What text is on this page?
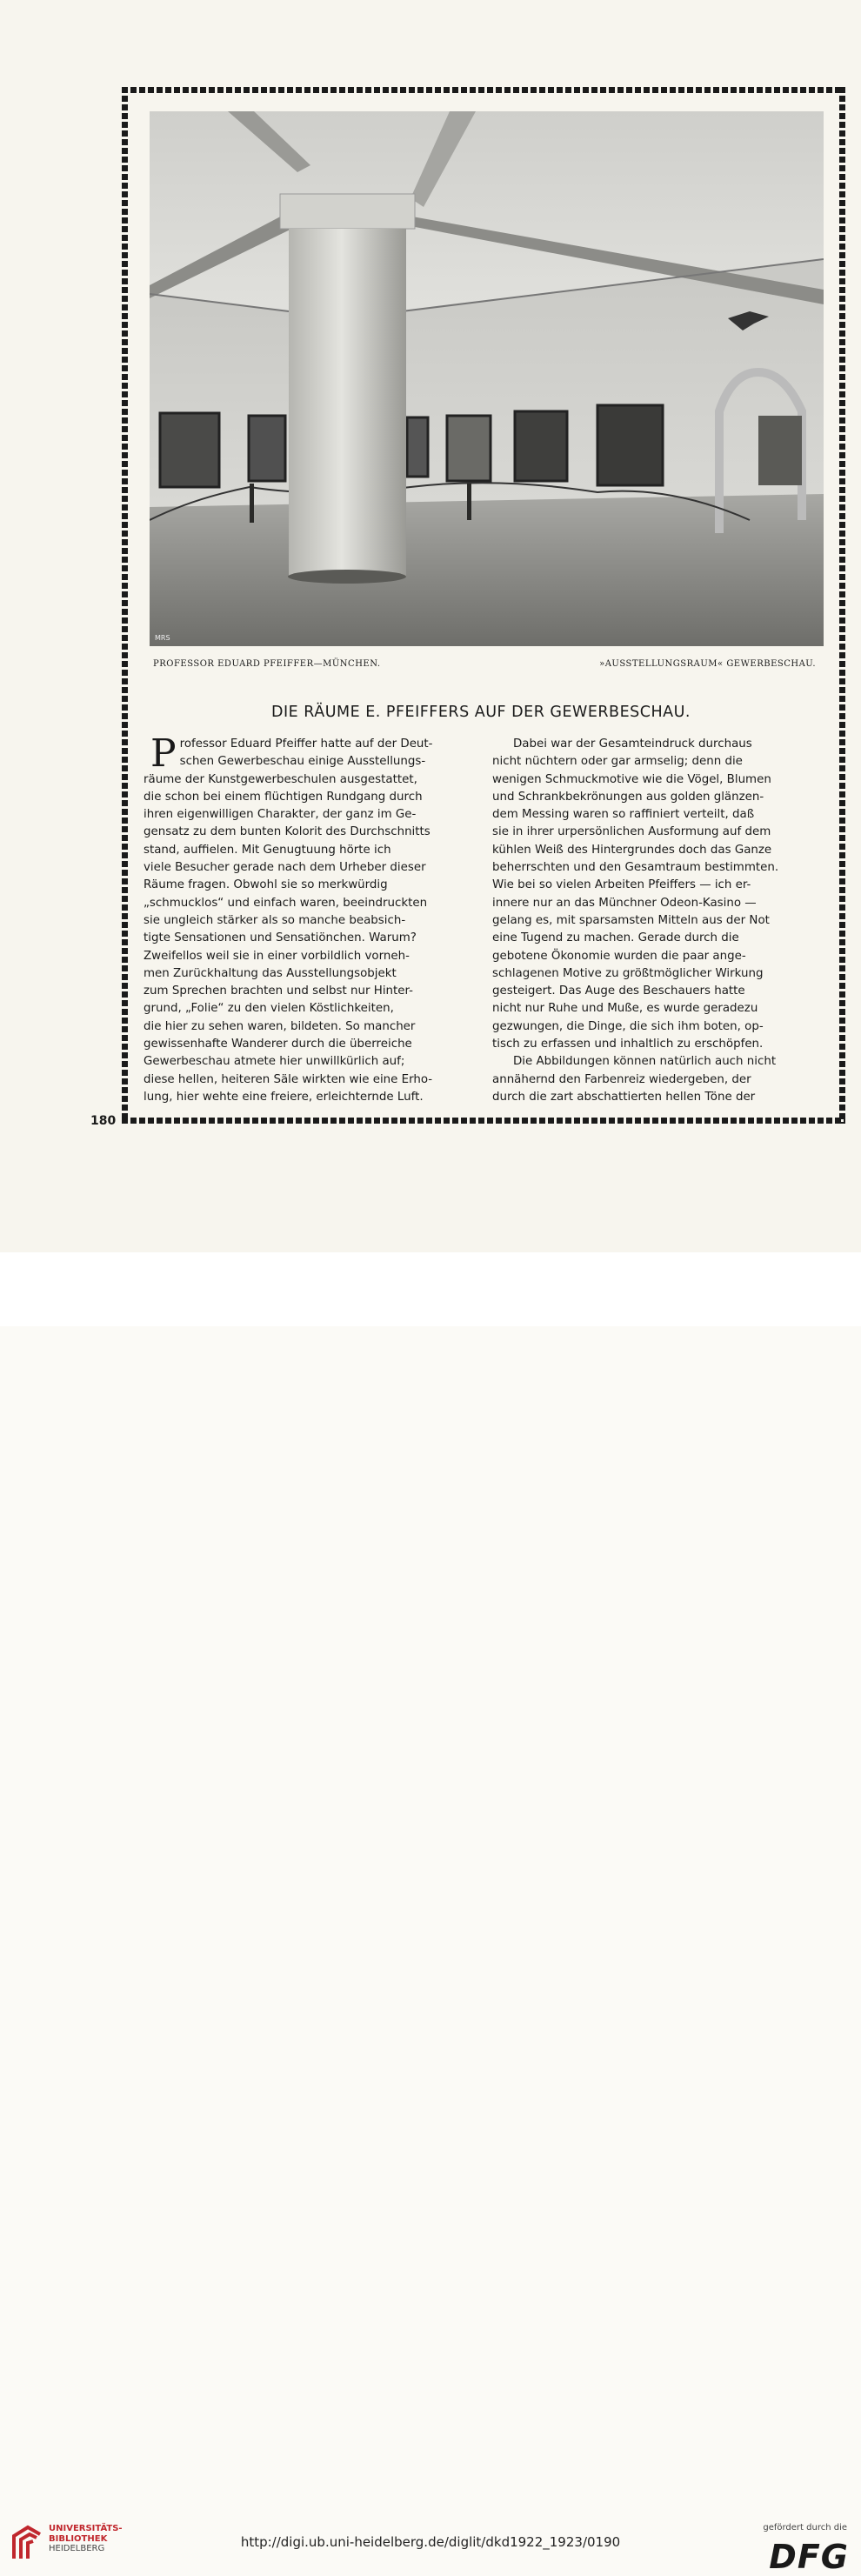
MRS
PROFESSOR EDUARD PFEIFFER—MÜNCHEN.	»AUSSTELLUNGSRAUM« GEWERBESCHAU.
DIE RÄUME E. PFEIFFERS AUF DER GEWERBESCHAU.
P rofessor Eduard Pfeiffer hatte auf der Deut-
schen Gewerbeschau einige Ausstellungs-
räume der Kunstgewerbeschulen ausgestattet,
die schon bei einem flüchtigen Rundgang durch
ihren eigenwilligen Charakter, der ganz im Ge-
gensatz zu dem bunten Kolorit des Durchschnitts
stand, auffielen. Mit Genugtuung hörte ich
viele Besucher gerade nach dem Urheber dieser
Räume fragen. Obwohl sie so merkwürdig
„schmucklos“ und einfach waren, beeindruckten
sie ungleich stärker als so manche beabsich-
tigte Sensationen und Sensatiönchen. Warum?
Zweifellos weil sie in einer vorbildlich vorneh-
men Zurückhaltung das Ausstellungsobjekt
zum Sprechen brachten und selbst nur Hinter-
grund, „Folie“ zu den vielen Köstlichkeiten,
die hier zu sehen waren, bildeten. So mancher
gewissenhafte Wanderer durch die überreiche
Gewerbeschau atmete hier unwillkürlich auf;
diese hellen, heiteren Säle wirkten wie eine Erho-
lung, hier wehte eine freiere, erleichternde Luft.
Dabei war der Gesamteindruck durchaus
nicht nüchtern oder gar armselig; denn die
wenigen Schmuckmotive wie die Vögel, Blumen
und Schrankbekrönungen aus golden glänzen-
dem Messing waren so raffiniert verteilt, daß
sie in ihrer urpersönlichen Ausformung auf dem
kühlen Weiß des Hintergrundes doch das Ganze
beherrschten und den Gesamtraum bestimmten.
Wie bei so vielen Arbeiten Pfeiffers — ich er-
innere nur an das Münchner Odeon-Kasino —
gelang es, mit sparsamsten Mitteln aus der Not
eine Tugend zu machen. Gerade durch die
gebotene Ökonomie wurden die paar ange-
schlagenen Motive zu größtmöglicher Wirkung
gesteigert. Das Auge des Beschauers hatte
nicht nur Ruhe und Muße, es wurde geradezu
gezwungen, die Dinge, die sich ihm boten, op-
tisch zu erfassen und inhaltlich zu erschöpfen.
Die Abbildungen können natürlich auch nicht
annähernd den Farbenreiz wiedergeben, der
durch die zart abschattierten hellen Töne der
180
UNIVERSITÄTS-
BIBLIOTHEK
HEIDELBERG	http://digi.ub.uni-heidelberg.de/diglit/dkd1922_1923/0190
gefördert durch die
DFG
